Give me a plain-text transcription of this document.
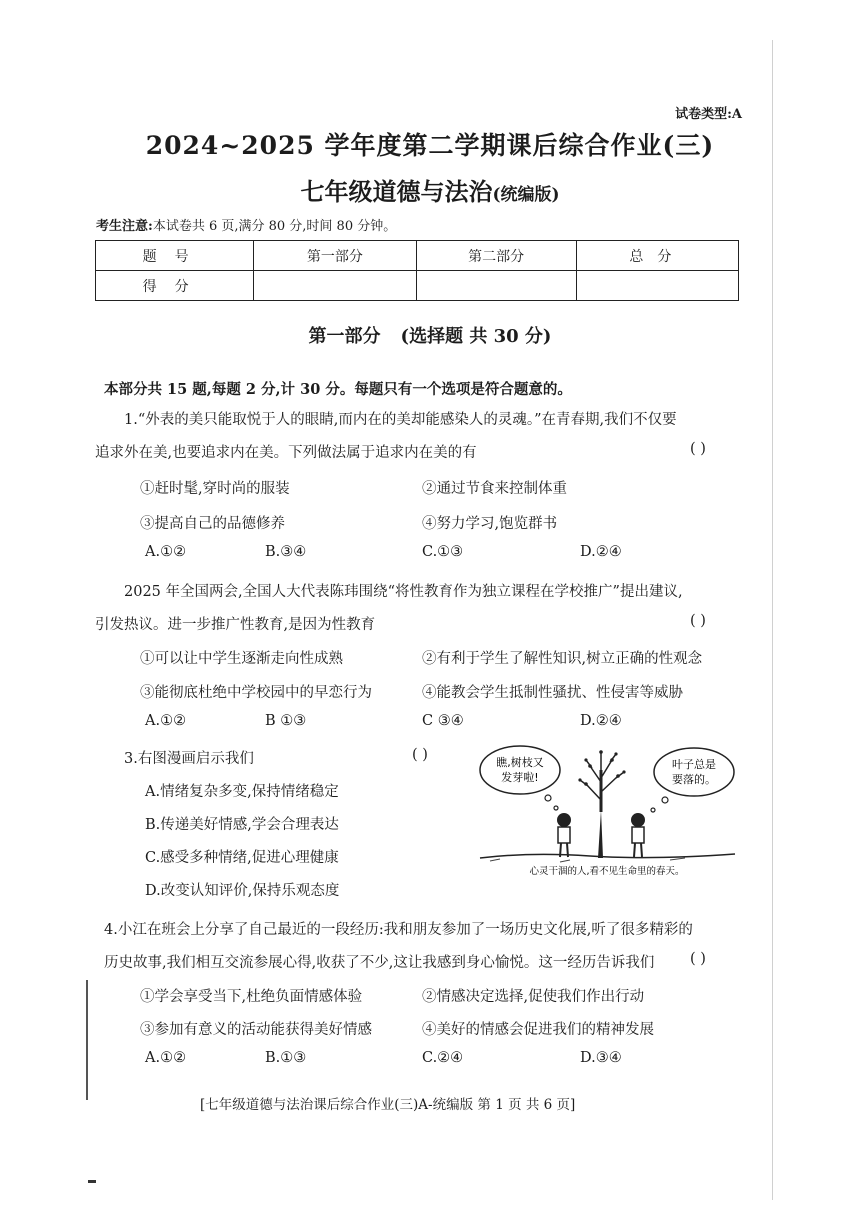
试卷类型:A
2024~2025 学年度第二学期课后综合作业(三)
七年级道德与法治(统编版)
考生注意:本试卷共 6 页,满分 80 分,时间 80 分钟。
题号	第一部分	第二部分	总分
得分			
第一部分 (选择题 共 30 分)
本部分共 15 题,每题 2 分,计 30 分。每题只有一个选项是符合题意的。
1.“外表的美只能取悦于人的眼睛,而内在的美却能感染人的灵魂。”在青春期,我们不仅要
追求外在美,也要追求内在美。下列做法属于追求内在美的有	( )
①赶时髦,穿时尚的服装	②通过节食来控制体重
③提高自己的品德修养	④努力学习,饱览群书
A.①②	B.③④	C.①③	D.②④
2025 年全国两会,全国人大代表陈玮围绕“将性教育作为独立课程在学校推广”提出建议,
引发热议。进一步推广性教育,是因为性教育	( )
①可以让中学生逐渐走向性成熟	②有利于学生了解性知识,树立正确的性观念
③能彻底杜绝中学校园中的早恋行为	④能教会学生抵制性骚扰、性侵害等威胁
A.①②	B ①③	C ③④	D.②④
3.右图漫画启示我们	( )
A.情绪复杂多变,保持情绪稳定
B.传递美好情感,学会合理表达
C.感受多种情绪,促进心理健康
D.改变认知评价,保持乐观态度
瞧,树枝又
发芽啦!
叶子总是
要落的。
心灵干涸的人,看不见生命里的春天。
4.小江在班会上分享了自己最近的一段经历:我和朋友参加了一场历史文化展,听了很多精彩的
历史故事,我们相互交流参展心得,收获了不少,这让我感到身心愉悦。这一经历告诉我们 ( )
①学会享受当下,杜绝负面情感体验	②情感决定选择,促使我们作出行动
③参加有意义的活动能获得美好情感	④美好的情感会促进我们的精神发展
A.①②	B.①③	C.②④	D.③④
[七年级道德与法治课后综合作业(三)A-统编版 第 1 页 共 6 页]
